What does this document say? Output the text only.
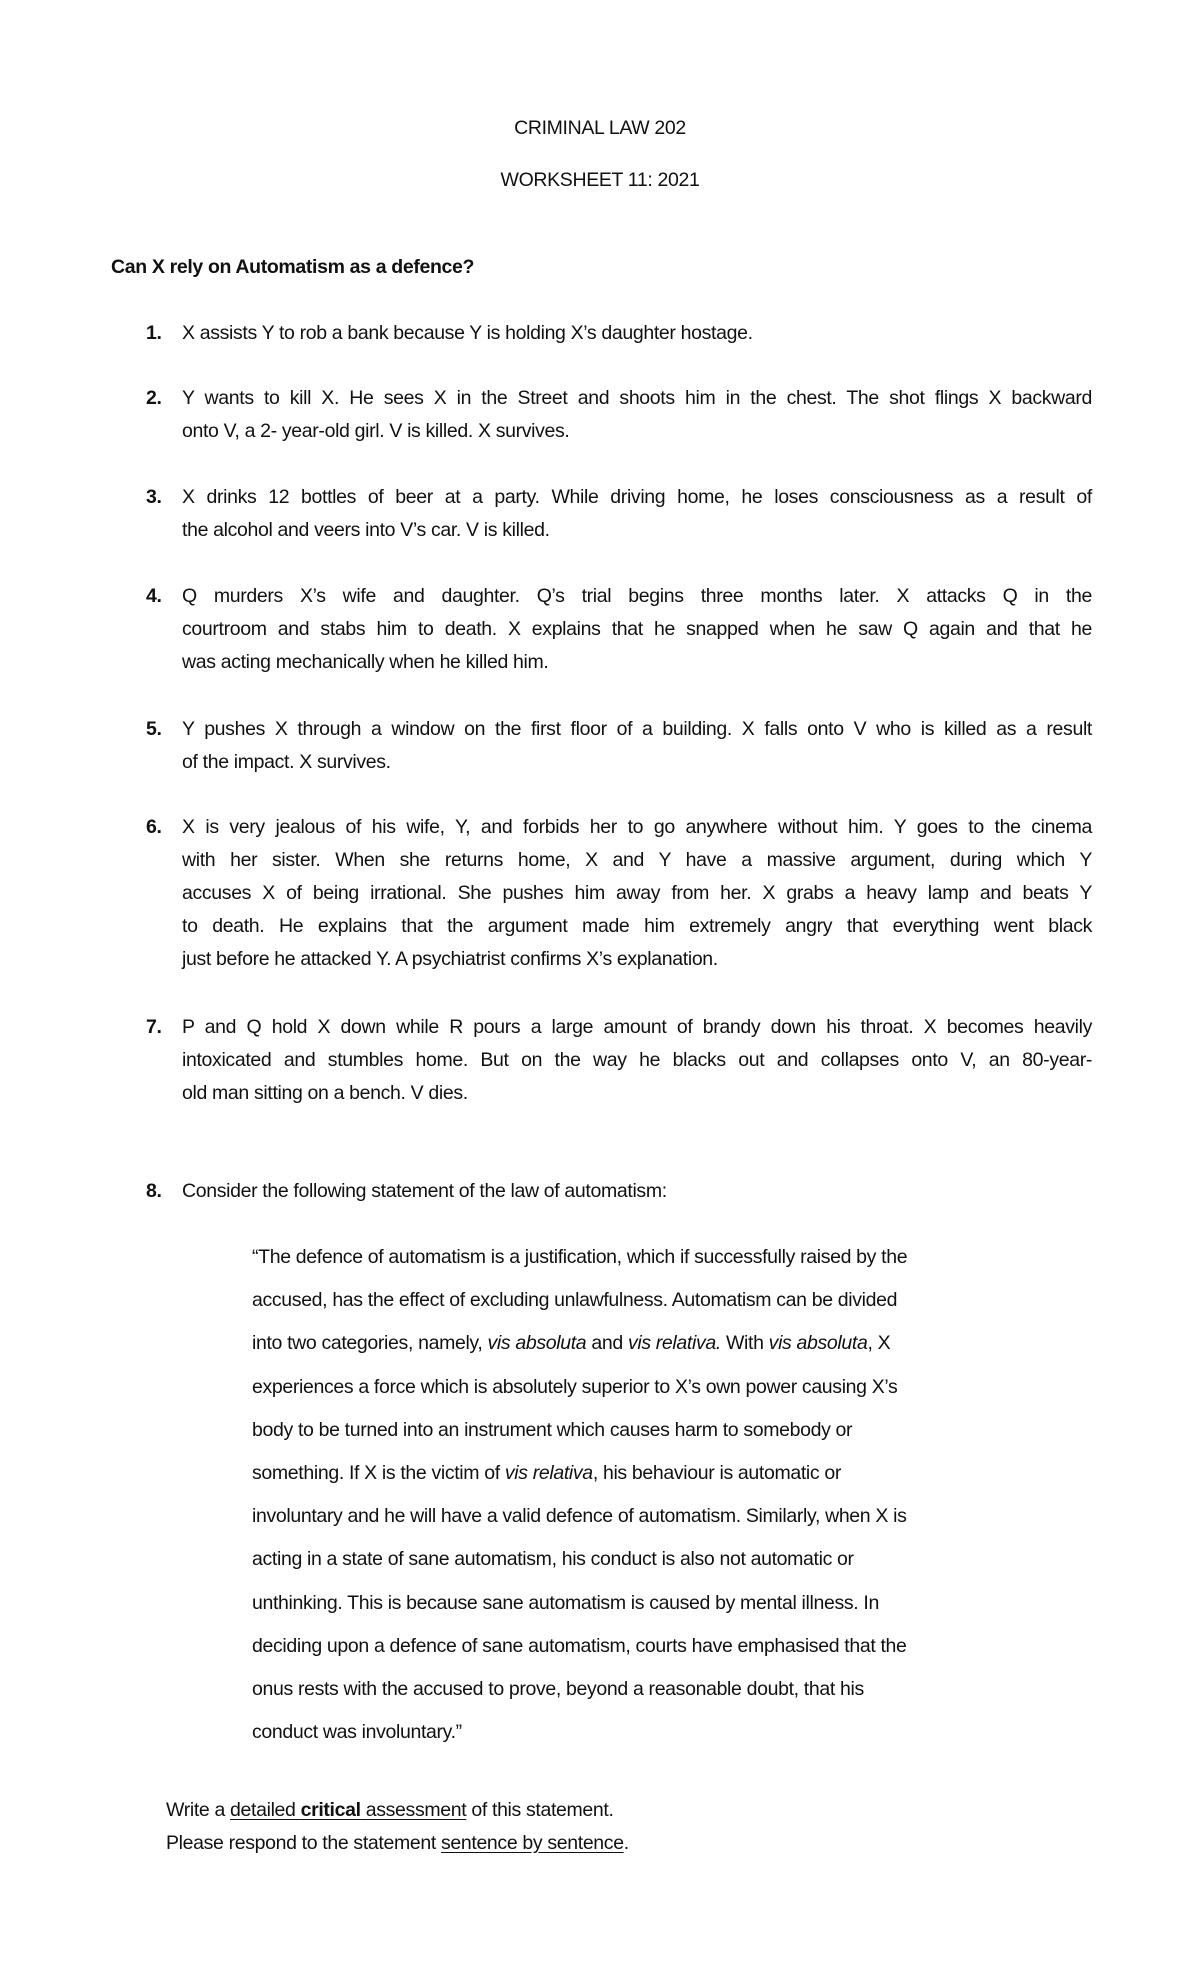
CRIMINAL LAW 202
WORKSHEET 11: 2021
Can X rely on Automatism as a defence?
1. X assists Y to rob a bank because Y is holding X’s daughter hostage.
2. Y wants to kill X. He sees X in the Street and shoots him in the chest. The shot flings X backward
onto V, a 2- year-old girl. V is killed. X survives.
3. X drinks 12 bottles of beer at a party. While driving home, he loses consciousness as a result of
the alcohol and veers into V’s car. V is killed.
4. Q murders X’s wife and daughter. Q’s trial begins three months later. X attacks Q in the
courtroom and stabs him to death. X explains that he snapped when he saw Q again and that he
was acting mechanically when he killed him.
5. Y pushes X through a window on the first floor of a building. X falls onto V who is killed as a result
of the impact. X survives.
6. X is very jealous of his wife, Y, and forbids her to go anywhere without him. Y goes to the cinema
with her sister. When she returns home, X and Y have a massive argument, during which Y
accuses X of being irrational. She pushes him away from her. X grabs a heavy lamp and beats Y
to death. He explains that the argument made him extremely angry that everything went black
just before he attacked Y. A psychiatrist confirms X’s explanation.
7. P and Q hold X down while R pours a large amount of brandy down his throat. X becomes heavily
intoxicated and stumbles home. But on the way he blacks out and collapses onto V, an 80-year-
old man sitting on a bench. V dies.
8. Consider the following statement of the law of automatism:
“The defence of automatism is a justification, which if successfully raised by the
accused, has the effect of excluding unlawfulness. Automatism can be divided
into two categories, namely, vis absoluta and vis relativa. With vis absoluta, X
experiences a force which is absolutely superior to X’s own power causing X’s
body to be turned into an instrument which causes harm to somebody or
something. If X is the victim of vis relativa, his behaviour is automatic or
involuntary and he will have a valid defence of automatism. Similarly, when X is
acting in a state of sane automatism, his conduct is also not automatic or
unthinking. This is because sane automatism is caused by mental illness. In
deciding upon a defence of sane automatism, courts have emphasised that the
onus rests with the accused to prove, beyond a reasonable doubt, that his
conduct was involuntary.”
Write a detailed critical assessment of this statement.
Please respond to the statement sentence by sentence.
